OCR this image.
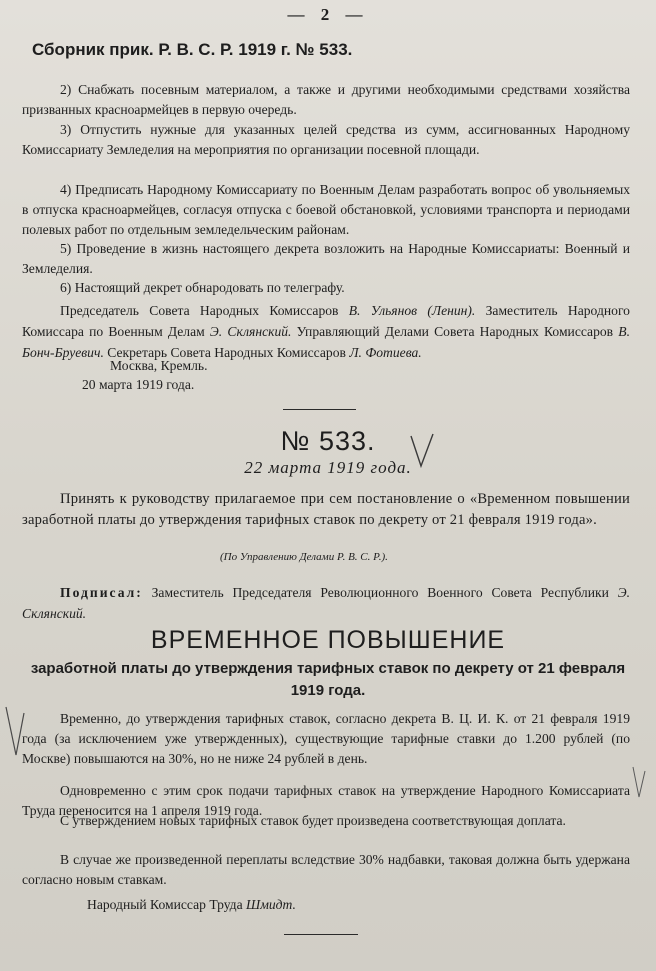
— 2 —
Сборник прик. Р. В. С. Р. 1919 г. № 533.
2) Снабжать посевным материалом, а также и другими необходимыми средствами хозяйства призванных красноармейцев в первую очередь.
3) Отпустить нужные для указанных целей средства из сумм, ассигнованных Народному Комиссариату Земледелия на мероприятия по организации посевной площади.
4) Предписать Народному Комиссариату по Военным Делам разработать вопрос об увольняемых в отпуска красноармейцев, согласуя отпуска с боевой обстановкой, условиями транспорта и периодами полевых работ по отдельным земледельческим районам.
5) Проведение в жизнь настоящего декрета возложить на Народные Комиссариаты: Военный и Земледелия.
6) Настоящий декрет обнародовать по телеграфу.
Председатель Совета Народных Комиссаров В. Ульянов (Ленин). Заместитель Народного Комиссара по Военным Делам Э. Склянский. Управляющий Делами Совета Народных Комиссаров В. Бонч-Бруевич. Секретарь Совета Народных Комиссаров Л. Фотиева.
Москва, Кремль.
20 марта 1919 года.
№ 533.
22 марта 1919 года.
Принять к руководству прилагаемое при сем постановление о «Временном повышении заработной платы до утверждения тарифных ставок по декрету от 21 февраля 1919 года».
(По Управлению Делами Р. В. С. Р.).
Подписал: Заместитель Председателя Революционного Военного Совета Республики Э. Склянский.
ВРЕМЕННОЕ ПОВЫШЕНИЕ
заработной платы до утверждения тарифных ставок по декрету от 21 февраля 1919 года.
Временно, до утверждения тарифных ставок, согласно декрета В. Ц. И. К. от 21 февраля 1919 года (за исключением уже утвержденных), существующие тарифные ставки до 1.200 рублей (по Москве) повышаются на 30%, но не ниже 24 рублей в день.
Одновременно с этим срок подачи тарифных ставок на утверждение Народного Комиссариата Труда переносится на 1 апреля 1919 года.
С утверждением новых тарифных ставок будет произведена соответствующая доплата.
В случае же произведенной переплаты вследствие 30% надбавки, таковая должна быть удержана согласно новым ставкам.
Народный Комиссар Труда Шмидт.
